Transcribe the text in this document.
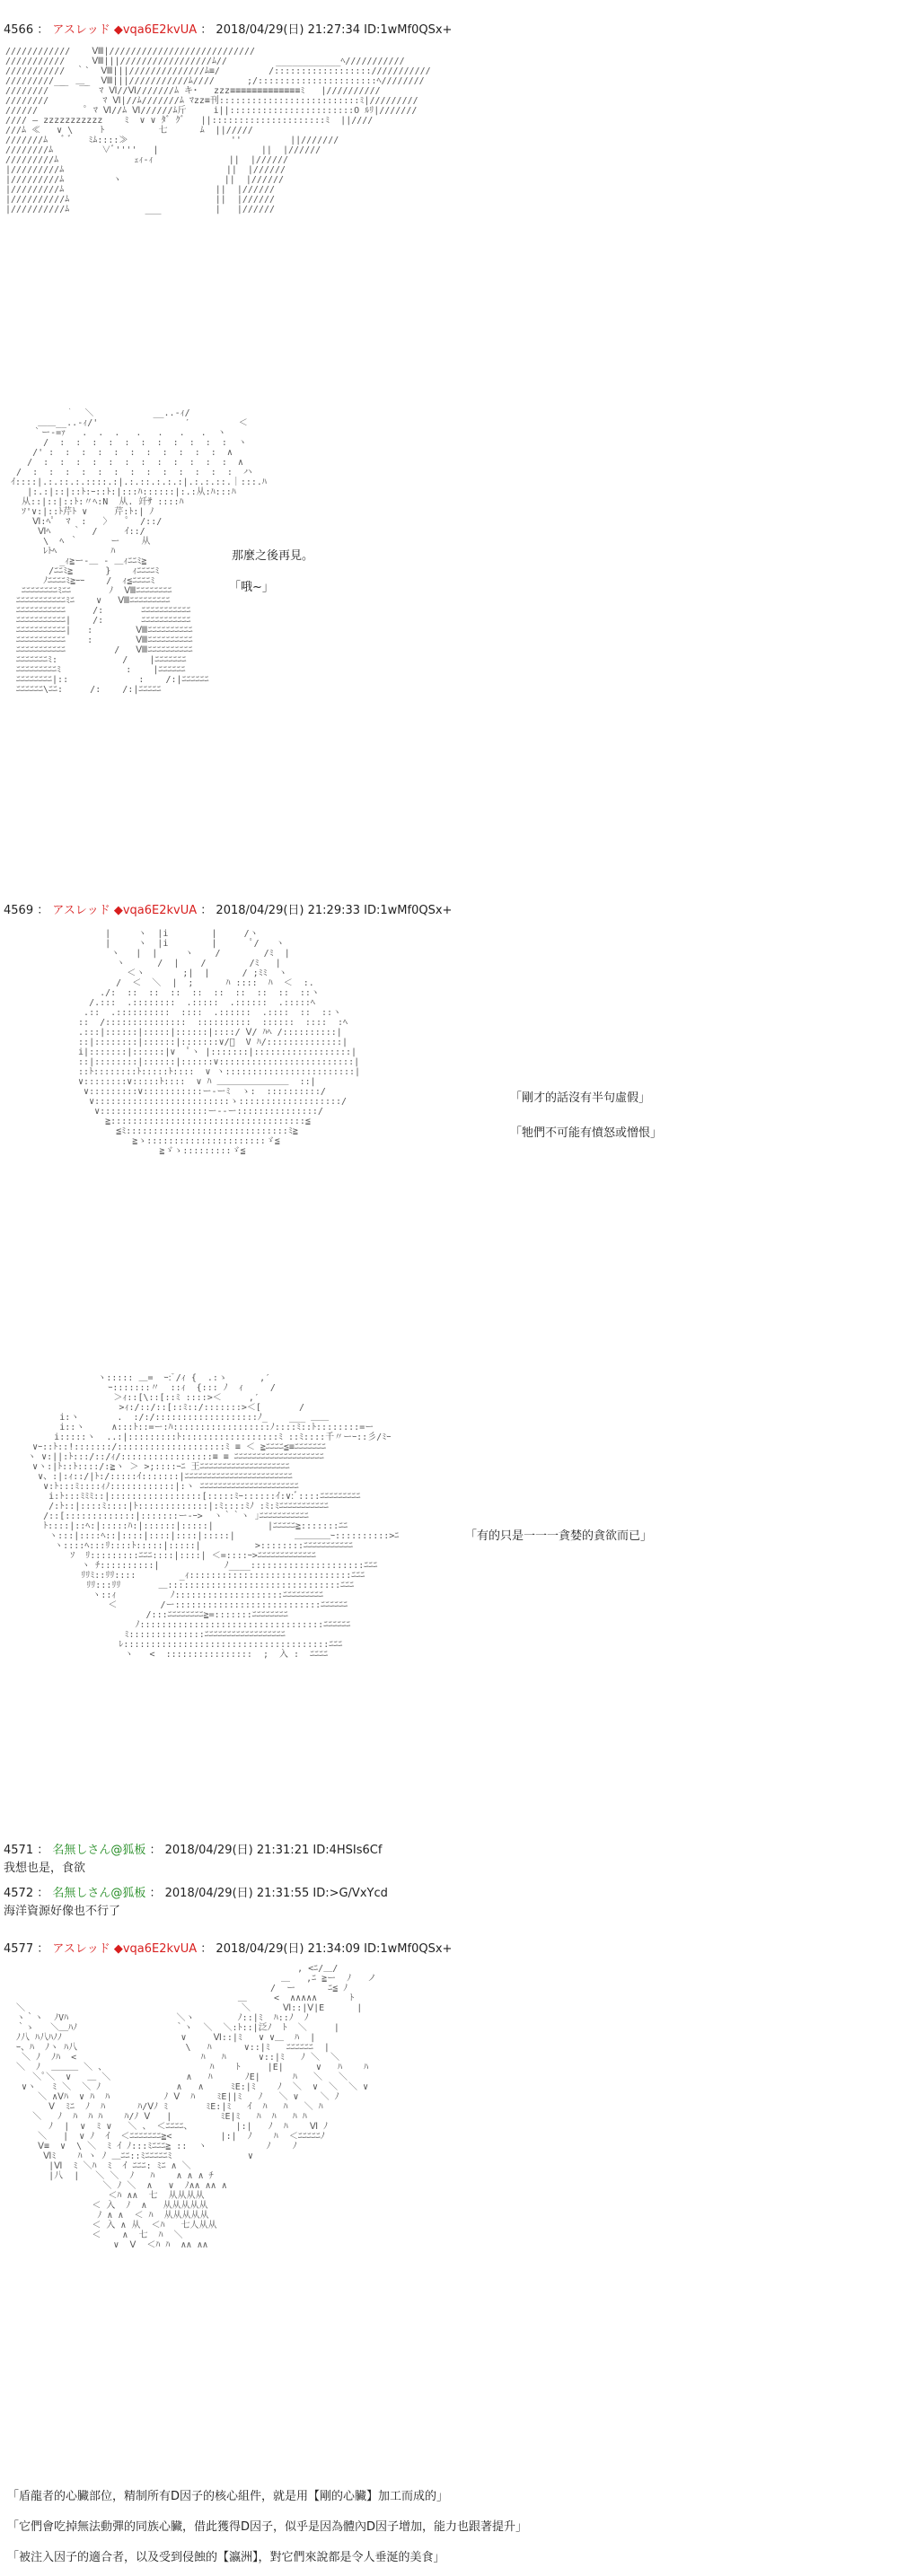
4566 ： アスレッド ◆vqa6E2kvUA ： 2018/04/29(日) 21:27:34 ID:1wMf0QSx+
////////////    Ⅷ|///////////////////////////
///////////     Ⅷ|||/////////////////ﾑ//         ____________ﾍ///////////
///////////  ｀`  Ⅷ|||//////////////ﾑ≡/         /::::::::::::::::::///////////
/////////__  ＿_  Ⅷ|||///////////ﾑ////      ;/::::::::::::::::::::::ﾍ////////
////////  ￣  ￣  ﾏ Ⅵ//Ⅵ///////ﾑ キ･   zzz≡≡≡≡≡≡≡≡≡≡≡≡≡ﾐ   |//////////
////////          ﾏ Ⅵ|//ﾑ///////ﾑ ﾏzz≡刊::::::::::::::::::::::::::ﾐ|/////////
//////         ﾟ ﾏ Ⅵ//ﾑ Ⅵ//////ﾑ斤     i||:::::::::::::::::::::::O ﾙﾘ|///////
//// ― zzzzzzzzzzz    ﾐ  ∨ ∨ ﾀﾞ ｸﾞ   ||:::::::::::::::::::::ﾐ  ||////
///ﾑ ≪   ∨ \     ﾄ          七      ﾑ  ||/////
///////ﾑ   ﾞ ﾞ   ﾐﾑ::::≫                   ''         ||///////
////////ﾑ         ∨ﾞ''''   |                   ||  |//////
/////////ﾑ              ｪｨ-ｨ              ||  |//////
|/////////ﾑ                              ||  |//////
|/////////ﾑ         ヽ                   ||  |//////
|/////////ﾑ                            ||  |//////
|//////////ﾑ                           ||  |//////
|//////////ﾑ              ___          |   |//////
｀  ＼           __..-ｨ/
＿＿__..-ｨ/'                ′         ＜
｀ー-=ｧ   .  .  .   .   .   .   .  ヽ
/  :  :  :  :  :  :  :  :  :  :  :  ヽ
/' :  :  :  :  :  :  :  :  :  :  :  ∧
/  :  :  :  :  :  :  :  :  :  :  :  :  ∧
/  :  :  :  :  :  :  :  :  :  :  :  :  :  ハ
ｲ::::|.:.::.:.::::.:|.:.::.:.:.:|.:.:.::.｜:::.ﾊ
|:.:|::|::ﾄ:ｰ::ﾄ:|:::ﾊ::::::|:.:从:ﾊ:::ﾊ
从::|::|::ﾄ:〃ﾍ:N  从. 竏ｻ ::::ﾊ
ｿ'∨:|::ﾄ芹ﾄ ∨     芹:ﾄ:| ﾉ
Ⅵ:ﾍﾟ  ﾏ  :   〉   ﾟ  /::/
Ⅵﾍ    ｀  /     ｲ::/
\  ﾍ ｀      ー    从
ﾚﾄﾍ          ﾊ
_ｨ≧ー-＿ ‐ ＿ｨﾆﾆﾐ≧
/ﾆﾆﾐ≧      }    ｨﾆﾆﾆﾆﾐ
ﾉﾆﾆﾆﾆﾐ≧ｰｰ    /  ｨ≦ﾆﾆﾆﾆﾐ
ﾆﾆﾆﾆﾆﾆﾆﾆﾐﾆﾆ       ﾉ  Ⅷﾆﾆﾆﾆﾆﾆﾆﾆ
ﾆﾆﾆﾆﾆﾆﾆﾆﾆﾆﾆﾐﾆ    ∨   Ⅷﾆﾆﾆﾆﾆﾆﾆﾆﾆ
ﾆﾆﾆﾆﾆﾆﾆﾆﾆﾆﾆ     /:       ﾆﾆﾆﾆﾆﾆﾆﾆﾆﾆﾆ
ﾆﾆﾆﾆﾆﾆﾆﾆﾆﾆﾆ|    /:       ﾆﾆﾆﾆﾆﾆﾆﾆﾆﾆﾆ
ﾆﾆﾆﾆﾆﾆﾆﾆﾆﾆﾆ|   :        Ⅷﾆﾆﾆﾆﾆﾆﾆﾆﾆﾆ
ﾆﾆﾆﾆﾆﾆﾆﾆﾆﾆﾆ    :        Ⅷﾆﾆﾆﾆﾆﾆﾆﾆﾆﾆ
ﾆﾆﾆﾆﾆﾆﾆﾆﾆﾆﾆ         /   Ⅷﾆﾆﾆﾆﾆﾆﾆﾆﾆﾆ
ﾆﾆﾆﾆﾆﾆﾆﾐ:            /    |ﾆﾆﾆﾆﾆﾆﾆ
ﾆﾆﾆﾆﾆﾆﾆﾆﾆﾐ            :    |ﾆﾆﾆﾆﾆﾆ
ﾆﾆﾆﾆﾆﾆﾆﾆ|::             :    /:|ﾆﾆﾆﾆﾆﾆ
ﾆﾆﾆﾆﾆﾆ\ﾆﾆ:     /:    /:|ﾆﾆﾆﾆﾆ
那麼之後再見。
「哦~」
4569 ： アスレッド ◆vqa6E2kvUA ： 2018/04/29(日) 21:29:33 ID:1wMf0QSx+
|     ヽ  |i        |     /ヽ
|     ヽ  |i        |      ﾟ/   ヽ
ヽ   |  |     ヽ    /        /ﾐ  |
ヽ      /  |    /        /ﾐ   |
＜ヽ       ;|  |      / ;ﾐﾐ  ヽ
/  ＜  ＼  |  ;      ﾊ ::::  ﾊ  ＜  :.
./:  ::  ::  ::  ::  ::  ::  ::  ::  ::ヽ
/.:::  .::::::::  .:::::  .::::::  .:::::ﾍ
.::  .::::::::::  ::::  .::::::  .::::  ::  ::ヽ
::  /:::::::::::::::  ::::::::::  ::::::  ::::  :ﾍ
.:::|::::::|:::::|::::::|::::/ Ⅴ/ ﾊﾍ /::::::::::|
::|::::::::|::::::|:::::::∨/ﾞ  V ﾊ/::::::::::::::|
i|:::::::|::::::|∨  ﾟヽ |:::::::|::::::::::::::::::|
::|::::::::|::::::|::::::∨:::::::::::::::::::::::::|
::ﾄ::::::::ﾄ:::::ﾄ::::  ∨ ヽ::::::::::::::::::::::::|
∨::::::::∨:::::ﾄ::::  ∨ ﾊ ＿＿＿＿＿＿＿＿  ::|
∨:::::::::∨:::::::::::ー-ーﾐ  ゝ:  ::::::::::/
∨:::::::::::::::::::::::::ゝ:::::::::::::::::::/
∨::::::::::::::::::::ー--ー:::::::::::::::/
≧::::::::::::::::::::::::::::::::::::≦
≦ﾐ::::::::::::::::::::::::::::::ﾐ≧
≧ゝ::::::::::::::::::::::ゞ≦
≧ゞゝ:::::::::ゞ≦
「剛才的話沒有半句虛假」
「牠們不可能有憤怒或憎恨」
ヽ::::: ＿=  ｰ:ﾞ/ｨ {  .:ゝ      ,′
ｰ:::::::〃  ::ｨ  {::: ﾉ  ｨ     /
＞ｨ::[\::[::ﾐ ::::>＜     ,′
>ｨ:/::/::[::ﾐ::/:::::::>＜[       /
i:ヽ       .  :/:/:::::::::::::::::::ﾉ_    ___ ＿＿
i::ヽ     ∧:::ﾄ::=ー:ﾊ::::::::::::::::::ﾉ::::ﾐ::ﾄ::::::::=ー
i:::::ヽ  ..:|:::::::::ﾄ::::::::::::::::::ﾐ ::ﾐ::::千〃ーｰ::彡/ﾐｰ
∨ｰ::ﾄ::!:::::::/::::::::::::::::::::ﾐ ≡ ＜ ≧ﾆﾆﾆﾆ≦≡ﾆﾆﾆﾆﾆﾆﾆ
ヽ ∨:||:ﾄ:::/::/ｨ/:::::::::::::::::≡ ≡ ﾆﾆﾆﾆﾆﾆﾆﾆﾆﾆﾆﾆﾆﾆﾆﾆﾆﾆﾆﾆ
∨ヽ:|ﾄ::ﾄ::::/:≧ヽ ＞ >;::::ｰﾆ 王ﾆﾆﾆﾆﾆﾆﾆﾆﾆﾆﾆﾆﾆﾆﾆﾆﾆﾆﾆﾆ
∨、:|:ｨ::/|ﾄ:/:::::ｲ:::::::|ﾆﾆﾆﾆﾆﾆﾆﾆﾆﾆﾆﾆﾆﾆﾆﾆﾆﾆﾆﾆﾆﾆﾆﾆ
∨:ﾄ:::ﾐ::::ｨﾉ::::::::::::|:ヽ ﾆﾆﾆﾆﾆﾆﾆﾆﾆﾆﾆﾆﾆﾆﾆﾆﾆﾆﾆﾆﾆﾆ
i:ﾄ:::ﾐﾐﾐ::|:::::::::::::::::[:::::ﾐｰ::::::ｲ:∨:ﾞ::::ﾆﾆﾆﾆﾆﾆﾆﾆﾆ
/:ﾄ::|::::ﾐ::::|ﾄ:::::::::::::|:ﾐ::::ﾐﾉ :ﾐ:ﾐﾆﾆﾆﾆﾆﾆﾆﾆﾆﾆﾆ
/::[:::::::::::::|:::::::ー-ｰ>  ヽ｀｀ヽ ｣ﾆﾆﾆﾆﾆﾆﾆﾆﾆﾆﾆ
ﾄ::::|::ﾍ:|:::::ﾊ:|::::::|:::::|          |ﾆﾆﾆﾆﾆ≧:::::::ﾆﾆ
ヽ:::|::::ﾍ::|::::|::::|::::|:::::|           ＿＿＿＿ｰ::::::::::>ﾆ
ヽ::::ﾍ:::ﾘ::::ﾄ:::::|:::::|          >::::::::ﾆﾆﾆﾆﾆﾆﾆﾆﾆﾆﾆ
ｿ  ﾘ:::::::::ﾆﾆﾆ::::|::::| ＜=::::ｰ>ﾆﾆﾆﾆﾆﾆﾆﾆﾆﾆﾆﾆﾆ
ヽ ﾁ::::::::::|            ﾉ____:::::::::::::::::::::ﾆﾆﾆ
ﾘﾘﾐ::ﾘﾘ::::        _ｨ::::::::::::::::::::::::::::::ﾆﾆﾆ
ﾘﾘ:::ﾘﾘ       ＿::::::::::::::::::::::::::::::::ﾆﾆﾆ
ヽ::ｨ          ﾉ::::::::::::::::::::ﾆﾆﾆﾆﾆﾆﾆﾆﾆ
＜        /ー:::::::::::::::::::::::::::ﾆﾆﾆﾆﾆﾆ
/:::ﾆﾆﾆﾆﾆﾆﾆﾆ≧=:::::::ﾆﾆﾆﾆﾆﾆﾆﾆ
ﾉ::::::::::::::::::::::::::::::::::ﾆﾆﾆﾆﾆﾆ
ﾐ::::::::::::::ﾆﾆﾆﾆﾆﾆﾆﾆﾆﾆﾆﾆﾆﾆﾆﾆﾆﾆ
ﾚ::::::::::::::::::::::::::::::::::::::ﾆﾆﾆ
ヽ   <  ::::::::::::::::  ;  入 :  ﾆﾆﾆﾆ
「有的只是一一一貪婪的貪欲而已」
4571 ： 名無しさん@狐板 ： 2018/04/29(日) 21:31:21 ID:4HSIs6Cf
我想也是，食欲
4572 ： 名無しさん@狐板 ： 2018/04/29(日) 21:31:55 ID:>G/VxYcd
海洋資源好像也不行了
4577 ： アスレッド ◆vqa6E2kvUA ： 2018/04/29(日) 21:34:09 ID:1wMf0QSx+
, <ﾆ/＿/
＿   ,ﾆ ≧ー  ﾉ   ノ
/  ー      ﾆ≦ ﾉ
＿     <  ∧∧∧∧∧      ﾄ
＼                                        ＼      Ⅵ::|Ⅴ|E      |
ヽ｀ヽ  ﾉVﾊ                    ＼ヽ        ﾉ::|ﾐ  ﾊ::ﾉ  ﾉ
｀ゝ   ＼＿ﾊﾉ                  ｀ヽ  ＼  ＼:ﾄ::|泛ﾉ  ﾄ  ＼     |
ﾉ八 ﾊ八ﾊﾉﾉ                      ∨     Ⅵ::|ﾐ   ∨ ∨＿  ﾊ  |
ｰ、ﾊ  ﾉヽ ﾊ八                    \   ﾊ      ∨::|ﾐ   ﾆﾆﾆﾆﾆﾆ  |
＼ ﾉ  ﾉﾊ  <                       ﾊ   ﾊ      ∨::|ﾐ   ﾉ ＼  ＼
＼  ﾉ  ＿＿＿ ＼ 、                   ﾊ    ﾄ     |E|      ∨   ﾊ    ﾊ
＼ﾟ＼  ∨   ＿ ＼              ∧   ﾊ      ﾉE|      ﾊ   ＼   ＼
∨ヽ   ﾐ ＼  ＼ ﾉ              ∧   ∧     ﾐE:|ﾐ    ﾉ  ＼  ∨  ＼  ＼ ∨
＼ ∧Ⅴﾊ  ∨ ﾊ  ﾊ          ﾉ Ⅴ  ﾊ    ﾐE||ﾐ   ﾉ   ＼ ∨    ＼ ﾉ
Ⅴ  ﾐﾆ  ﾉ  ﾊ      ﾊ/Ⅴﾉ ﾐ       ﾐE:|ﾐ   ｲ  ﾊ   ﾊ   ＼ ﾊ
＼   ﾉ  ﾊ  ﾊ ﾊ    ﾊ/ﾉ Ⅴ   |         ﾐE|ﾐ   ﾊ  ﾊ   ﾊ ﾊ
ﾉ  |  ∨  ﾐ ∨   ＼ 、 ＜ﾆﾆﾆﾆ、        |:|   ﾉ  ﾊ    Ⅵ ﾉ
＼   |  ∨ ﾉ  ｲ  ＜ﾆﾆﾆﾆﾆﾆﾆ≧<         |:|  ﾉ    ﾊ  ＜ﾆﾆﾆﾆﾆﾉ
Ⅴ≡  ∨  \ ＼  ﾐ ｲ ﾉ:::ﾐﾆﾆﾆ≧ ::  ヽ           ﾉ    ﾉ
Ⅵﾐ    ﾊ ヽ ﾉ ＿ﾆﾆ::ﾐﾆﾆﾆﾆﾆﾐ              ∨
|Ⅵ  ﾐ ＼ﾊ  ﾐ  ｲ ﾆﾆﾆ: ﾐﾆ ∧ ＼
|八  |   ＼ ＼  ﾉ   ﾊ    ∧ ∧ ∧ ﾁ
＼ ﾉ ＼  ∧   ∨  ﾉ∧∧ ∧∧ ∧
＜ﾊ ∧∧  七  从从从从
＜ 入  ﾉ  ∧   从从从从从
ﾉ ∧ ∧  ＜ ﾊ  从从从从从
＜ 入 ∧ 从  ＜ﾊ   七人从从
＜    ∧  七  ﾊ  ＼
∨  Ⅴ  ＜ﾊ ﾊ  ∧∧ ∧∧
「盾龍者的心臟部位，精制所有D因子的核心組件，就是用【剛的心臟】加工而成的」
「它們會吃掉無法動彈的同族心臟，借此獲得D因子，似乎是因為體內D因子增加，能力也跟著提升」
「被注入因子的適合者，以及受到侵蝕的【瀛洲】，對它們來說都是令人垂涎的美食」
